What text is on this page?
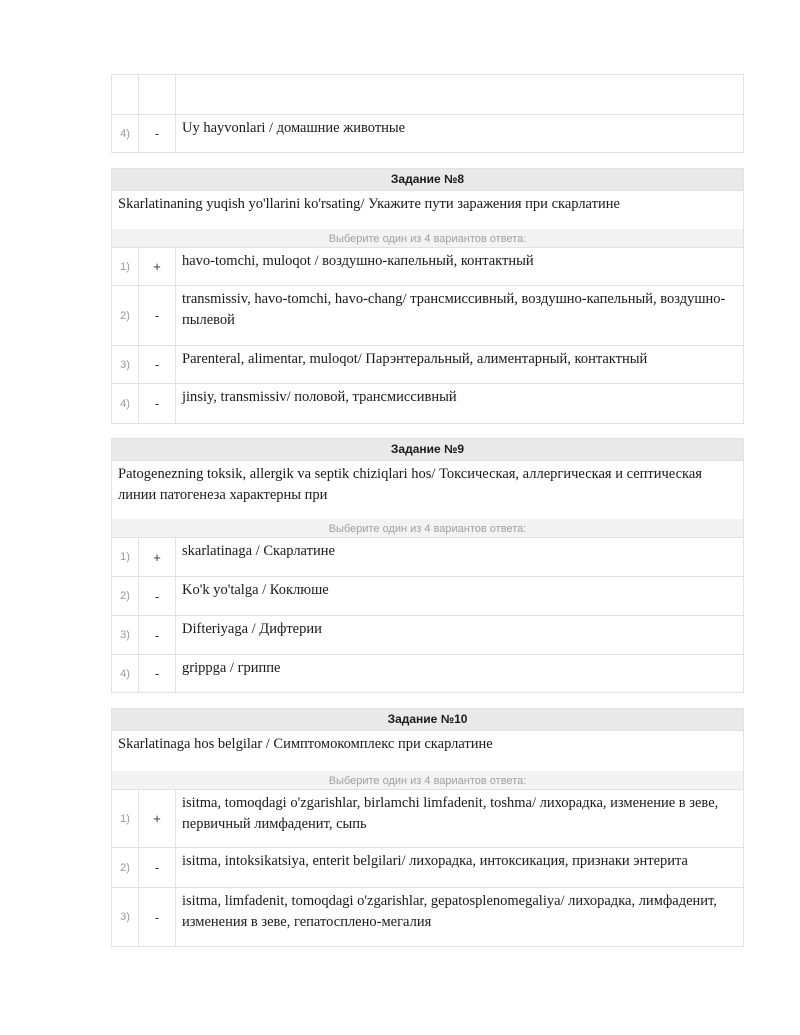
4)	-	Uy hayvonlari / домашние животные
Задание №8
Skarlatinaning yuqish yo'llarini ko'rsating/ Укажите пути заражения при скарлатине
Выберите один из 4 вариантов ответа:
1)	+	havo-tomchi, muloqot / воздушно-капельный, контактный
2)	-	transmissiv, havo-tomchi, havo-chang/ трансмиссивный, воздушно-капельный, воздушно- пылевой
3)	-	Parenteral, alimentar, muloqot/ Парэнтеральный, алиментарный, контактный
4)	-	jinsiy, transmissiv/ половой, трансмиссивный
Задание №9
Patogenezning toksik, allergik va septik chiziqlari hos/ Токсическая, аллергическая и септическая линии патогенеза характерны при
Выберите один из 4 вариантов ответа:
1)	+	skarlatinaga / Скарлатине
2)	-	Ko'k yo'talga / Коклюше
3)	-	Difteriyaga / Дифтерии
4)	-	grippga / гриппе
Задание №10
Skarlatinaga hos belgilar / Симптомокомплекс при скарлатине
Выберите один из 4 вариантов ответа:
1)	+	isitma, tomoqdagi o'zgarishlar, birlamchi limfadenit, toshma/ лихорадка, изменение в зеве, первичный лимфаденит, сыпь
2)	-	isitma, intoksikatsiya, enterit belgilari/ лихорадка, интоксикация, признаки энтерита
3)	-	isitma, limfadenit, tomoqdagi o'zgarishlar, gepatosplenomegaliya/ лихорадка, лимфаденит, изменения в зеве, гепатосплено-мегалия
